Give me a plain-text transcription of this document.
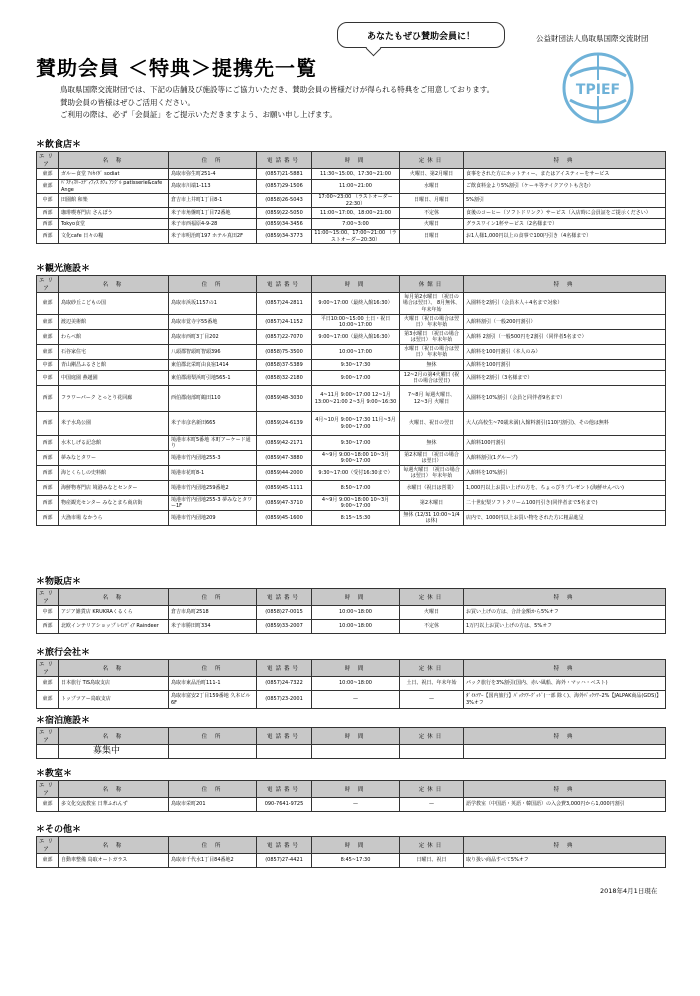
あなたもぜひ賛助会員に！	公益財団法人鳥取県国際交流財団
TPIEF
賛助会員 ＜特典＞提携先一覧
鳥取県国際交流財団では、下記の店舗及び施設等にご協力いただき、賛助会員の皆様だけが得られる特典をご用意しております。
賛助会員の皆様はぜひご活用ください。
ご利用の際は、必ず「会員証」をご提示いただきますよう、お願い申し上げます。
＊飲食店＊
エリア	名 称	住 所	電話番号	時 間	定休日	特 典
東部	ガルー食堂 ｱﾙｶｲﾀﾞ sodiat	鳥取市弥生町251-4	(0857)21-5881	11:30~15:00、17:30~21:00	火曜日、第2月曜日	食事をされた方にホットティー、またはアイスティーをサービス
東部	ﾊﾟｽﾃｨｽﾘｰｴﾃﾞｨﾌｨｽ ｶﾌｪ ｱﾝｸﾞﾙ patisserie&cafe Ange	鳥取市川端1-113	(0857)29-1506	11:00~21:00	水曜日	ご飲食料金より5%割引（ケーキ等テイクアウトも含む）
中部	田園館 和楽	倉吉市上井町1丁目8-1	(0858)26-5043	17:00~23:00 （ラストオーダー22:30）	日曜日、月曜日	5%割引
西部	珈琲喫専門店 さんぽう	米子市角盤町1丁目72番地	(0859)22-5050	11:00~17:00、18:00~21:00	不定休	食後のコーヒー（ソフトドリンク）サービス（入店時に会員証をご提示ください）
西部	Tokyo食堂	米子市西福原4-9-28	(0859)34-3456	7:00~3:00	火曜日	グラスワイン1杯サービス（2名様まで）
西部	文化cafe 日々の糧	米子市明治町197 ホテル真田2F	(0859)34-3773	11:00~15:00、17:00~21:00 （ラストオーダー20:30）	日曜日	お1人様1,000円以上の食事で100円引き（4名様まで）
＊観光施設＊
エリア	名 称	住 所	電話番号	時 間	休館日	特 典
東部	鳥取砂丘こどもの国	鳥取市浜坂1157の1	(0857)24-2811	9:00~17:00（最終入館16:30）	毎月第2水曜日 （祝日の場合は翌日）、 8月無休、年末年始	入園料を2割引（会員本人＋4名まで対象）
東部	渡辺美術館	鳥取市覚寺字55番地	(0857)24-1152	平日10:00~15:00 土日・祝日10:00~17:00	火曜日（祝日の場合は翌日） 年末年始	入館料割引（一般200円割引）
東部	わらべ館	鳥取市西町3丁目202	(0857)22-7070	9:00~17:00（最終入館16:30）	第3水曜日 （祝日の場合は翌日） 年末年始	入館料 2割引（一般500円を2割引（同伴者5名まで）
東部	石谷家住宅	八頭郡智頭町智頭396	(0858)75-3500	10:00~17:00	水曜日（祝日の場合は翌日） 年末年始	入館料を100円割引（本人のみ）
中部	青山剛昌ふるさと館	東伯郡北栄町由良宿1414	(0858)37-5389	9:30~17:30	無休	入館料を100円割引
中部	中国庭園 燕趙園	東伯郡湯梨浜町引地565-1	(0858)32-2180	9:00~17:00	12~2月の第4火曜日 (祝日の場合は翌日)	入園料を2割引（3名様まで）
西部	フラワーパーク とっとり花回廊	西伯郡南部町鶴田110	(0859)48-3030	4~11月 9:00~17:00 12~1月 13:00~21:00 2~3月 9:00~16:30	7~8月 毎週火曜日、 12~3月 火曜日	入園料を10%割引（会員と同伴者9名まで）
西部	米子水鳥公園	米子市彦名新田665	(0859)24-6139	4月~10月 9:00~17:30 11月~3月 9:00~17:00	火曜日、祝日の翌日	大人(高校生~70歳未満)入館料割引(110円割引)、その他は無料
西部	水木しげる記念館	境港市本町5番地 本町アーケード通り	(0859)42-2171	9:30~17:00	無休	入館料100円割引
西部	夢みなとタワー	境港市竹内団地255-3	(0859)47-3880	4~9月 9:00~18:00 10~3月 9:00~17:00	第2木曜日 （祝日の場合は翌日）	入館料割引(1グループ)
西部	海とくらしの史料館	境港市花町8-1	(0859)44-2000	9:30~17:00（受付16:30まで）	毎週火曜日 （祝日の場合は翌日） 年末年始	入館料を10%割引
西部	海鮮物専門店 境港みなとセンター	境港市竹内団地259番地2	(0859)45-1111	8:50~17:00	水曜日（祝日は営業）	1,000円以上お買い上げの方を、ちょっぴりプレゼント(海鮮せんべい)
西部	物産観光センター みなとまち商店街	境港市竹内団地255-3 夢みなとタワー1F	(0859)47-3710	4~9月 9:00~18:00 10~3月 9:00~17:00	第2木曜日	二十世紀梨ソフトクリーム100円引き(同伴者まで5名まで)
西部	大漁市場 なかうら	境港市竹内団地209	(0859)45-1600	8:15~15:30	無休 (12/31 10:00~1/4は休)	店内で、1000円以上お買い物をされた方に粗品進呈
＊物販店＊
エリア	名 称	住 所	電話番号	時 間	定休日	特 典
中部	アジア雑貨店 KRUKRAくるくら	倉吉市鳥町2518	(0858)27-0015	10:00~18:00	火曜日	お買い上げの方は、合計金額から5%オフ
西部	北欧インテリアショップ ﾚｲﾝﾃﾞｨｱ Raindeer	米子市勝田町334	(0859)33-2007	10:00~18:00	不定休	1万円以上お買い上げの方は、5%オフ
＊旅行会社＊
エリア	名 称	住 所	電話番号	時 間	定休日	特 典
東部	日本旅行 TiS鳥取支店	鳥取市東品治町111-1	(0857)24-7322	10:00~18:00	土日、祝日、年末年始	パック旅行を3%割引(国内、赤い風船、海外・マッハ・ベスト)
東部	トップツアー鳥取支店	鳥取市富安2丁目159番地 久本ビル6F	(0857)23-2001	—	—	ﾀﾞｲﾙﾂｱｰ【国内旅行】ﾊﾞｯｸﾂｱｰｸﾞｯﾄﾞ(一部 除く)、海外ﾊﾟｯｸﾂｱｰ2%【JALPAK商品(GDS)】3%オフ
＊宿泊施設＊
エリア	名 称	住 所	電話番号	時 間	定休日	特 典
	募集中					
＊教室＊
エリア	名 称	住 所	電話番号	時 間	定休日	特 典
東部	多文化交流教室 日華ふれんず	鳥取市栄町201	090-7641-9725	—	—	語学教室（中国語・英語・韓国語）の入会費3,000円から1,000円割引
＊その他＊
エリア	名 称	住 所	電話番号	時 間	定休日	特 典
東部	自動車整備 鳥取オートガラス	鳥取市千代水1丁目84番地2	(0857)27-4421	8:45~17:30	日曜日、祝日	取り扱い商品すべて5%オフ
2018年4月1日現在
